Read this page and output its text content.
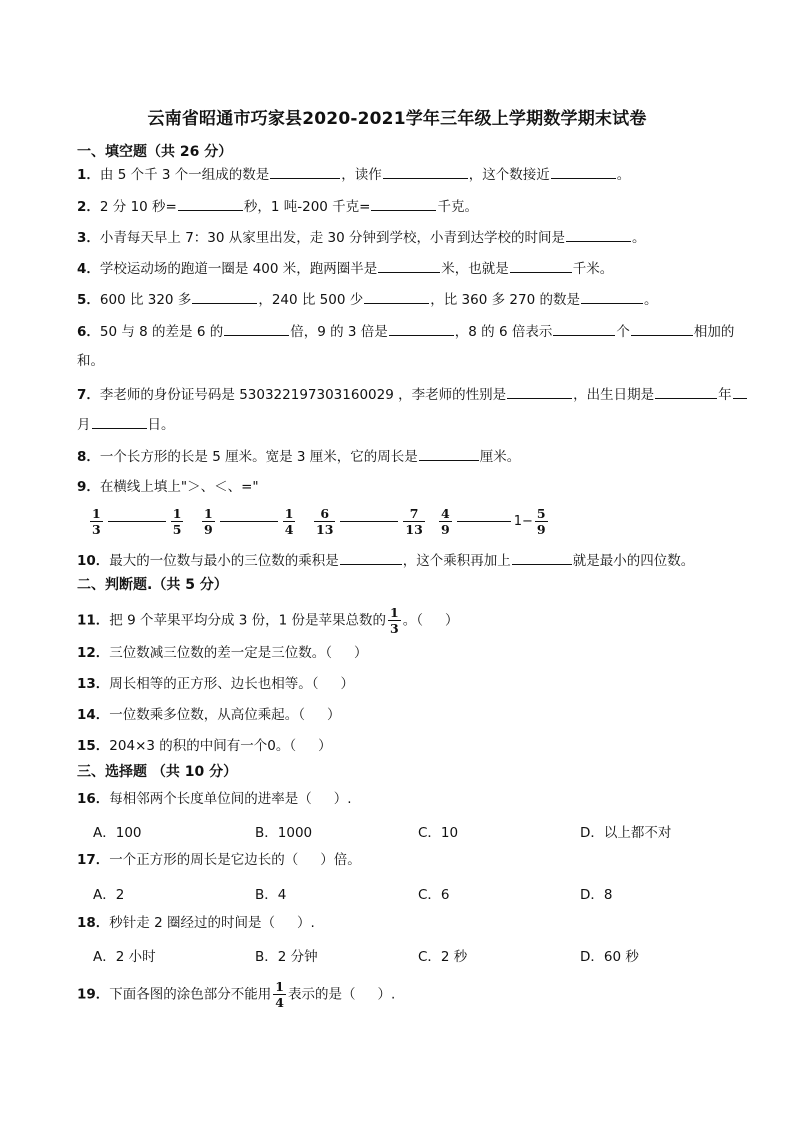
云南省昭通市巧家县2020-2021学年三年级上学期数学期末试卷
一、填空题（共 26 分）
1．由 5 个千 3 个一组成的数是	，读作	，这个数接近	。
2．2 分 10 秒=	秒，1 吨-200 千克=	千克。
3．小青每天早上 7：30 从家里出发，走 30 分钟到学校，小青到达学校的时间是	。
4．学校运动场的跑道一圈是 400 米，跑两圈半是	米，也就是	千米。
5．600 比 320 多	，240 比 500 少	，比 360 多 270 的数是	。
6．50 与 8 的差是 6 的	倍，9 的 3 倍是	，8 的 6 倍表示	个	相加的
和。
7．李老师的身份证号码是 530322197303160029 ，李老师的性别是	，出生日期是	年
月	日。
8．一个长方形的长是 5 厘米。宽是 3 厘米，它的周长是	厘米。
9．在横线上填上"＞、＜、="
$\frac{1}{3}$	$\frac{1}{5} \frac{1}{9}$	$\frac{1}{4} \frac{6}{13}$	$\frac{7}{13} \frac{4}{9}$	$1- \frac{5}{9}$
10．最大的一位数与最小的三位数的乘积是	，这个乘积再加上	就是最小的四位数。
二、判断题.（共 5 分）
11．把 9 个苹果平均分成 3 份，1 份是苹果总数的 $\frac{1}{3}$ 。（ ）
12．三位数减三位数的差一定是三位数。（ ）
13．周长相等的正方形、边长也相等。（ ）
14．一位数乘多位数，从高位乘起。（ ）
15．204×3 的积的中间有一个0。（ ）
三、选择题 （共 10 分）
16．每相邻两个长度单位间的进率是（ ）.
A．100	B．1000	C．10	D．以上都不对
17．一个正方形的周长是它边长的（ ）倍。
A．2	B．4	C．6	D．8
18．秒针走 2 圈经过的时间是（ ）.
A．2 小时	B．2 分钟	C．2 秒	D．60 秒
19．下面各图的涂色部分不能用 $\frac{1}{4}$ 表示的是（ ）.
